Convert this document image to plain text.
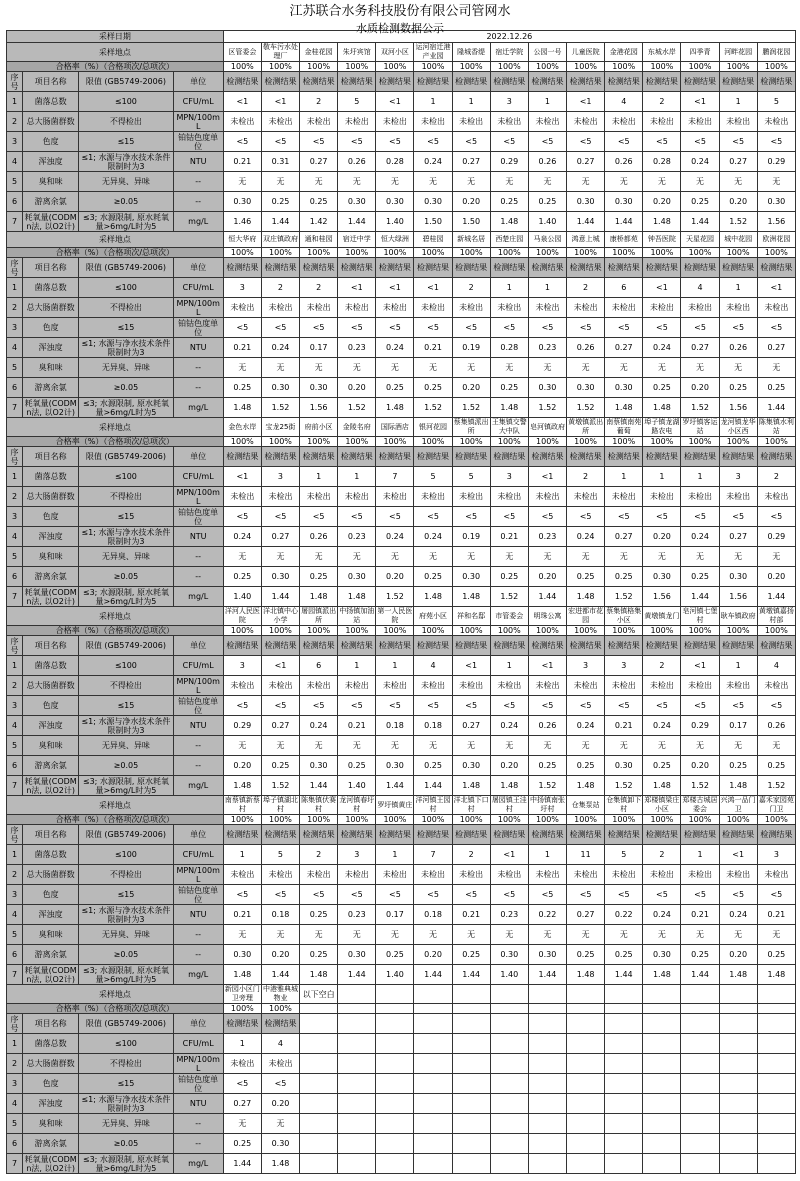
江苏联合水务科技股份有限公司管网水
水质检测数据公示
采样日期				2022.12.26														
采样地点				区管委会	敬车污水处理厂	金桂花园	朱圩宾馆	双河小区	运河宿迁港产业园	隆城香缇	宿迁学院	公园一号	儿童医院	金港花园	东城水岸	四季青	河畔花园	鹏润花园
合格率（%）（合格项次/总项次）				100%	100%	100%	100%	100%	100%	100%	100%	100%	100%	100%	100%	100%	100%	100%
序号	项目名称	限值 (GB5749-2006)	单位	检测结果	检测结果	检测结果	检测结果	检测结果	检测结果	检测结果	检测结果	检测结果	检测结果	检测结果	检测结果	检测结果	检测结果	检测结果
1	菌落总数	≤100	CFU/mL	<1	<1	2	5	<1	1	1	3	1	<1	4	2	<1	1	5
2	总大肠菌群数	不得检出	MPN/100mL	未检出	未检出	未检出	未检出	未检出	未检出	未检出	未检出	未检出	未检出	未检出	未检出	未检出	未检出	未检出
3	色度	≤15	铂钴色度单位	<5	<5	<5	<5	<5	<5	<5	<5	<5	<5	<5	<5	<5	<5	<5
4	浑浊度	≤1; 水源与净水技术条件限制时为3	NTU	0.21	0.31	0.27	0.26	0.28	0.24	0.27	0.29	0.26	0.27	0.26	0.28	0.24	0.27	0.29
5	臭和味	无异臭、异味	--	无	无	无	无	无	无	无	无	无	无	无	无	无	无	无
6	游离余氯	≥0.05	--	0.30	0.25	0.25	0.30	0.30	0.30	0.20	0.25	0.25	0.30	0.30	0.20	0.25	0.20	0.30
7	耗氧量(CODMn法, 以O2计)	≤3; 水源限制, 原水耗氧量>6mg/L时为5	mg/L	1.46	1.44	1.42	1.44	1.40	1.50	1.50	1.48	1.40	1.44	1.44	1.48	1.44	1.52	1.56
采样地点				恒大华府	双庄镇政府	通和桂园	宿迁中学	恒大绿洲	碧桂园	新城名居	西楚庄园	马泉公园	鸿意上城	康桥都苑	钟吾医院	天星花园	城中花园	欧洲花园
合格率（%）（合格项次/总项次）				100%	100%	100%	100%	100%	100%	100%	100%	100%	100%	100%	100%	100%	100%	100%
序号	项目名称	限值 (GB5749-2006)	单位	检测结果	检测结果	检测结果	检测结果	检测结果	检测结果	检测结果	检测结果	检测结果	检测结果	检测结果	检测结果	检测结果	检测结果	检测结果
1	菌落总数	≤100	CFU/mL	3	2	2	<1	<1	<1	2	1	1	2	6	<1	4	1	<1
2	总大肠菌群数	不得检出	MPN/100mL	未检出	未检出	未检出	未检出	未检出	未检出	未检出	未检出	未检出	未检出	未检出	未检出	未检出	未检出	未检出
3	色度	≤15	铂钴色度单位	<5	<5	<5	<5	<5	<5	<5	<5	<5	<5	<5	<5	<5	<5	<5
4	浑浊度	≤1; 水源与净水技术条件限制时为3	NTU	0.21	0.24	0.17	0.23	0.24	0.21	0.19	0.28	0.23	0.26	0.27	0.24	0.27	0.26	0.27
5	臭和味	无异臭、异味	--	无	无	无	无	无	无	无	无	无	无	无	无	无	无	无
6	游离余氯	≥0.05	--	0.25	0.30	0.30	0.20	0.25	0.25	0.20	0.25	0.30	0.30	0.30	0.25	0.20	0.25	0.25
7	耗氧量(CODMn法, 以O2计)	≤3; 水源限制, 原水耗氧量>6mg/L时为5	mg/L	1.48	1.52	1.56	1.52	1.48	1.52	1.52	1.48	1.52	1.52	1.48	1.48	1.52	1.56	1.44
采样地点				金色水岸	宝龙25街	府前小区	金陵名府	国际酒店	银河花园	蔡集镇派出所	王集镇交警大中队	皂河镇政府	黄墩镇派出所	南蔡镇南苑葡萄	埠子镇龙湖路农电	罗圩镇客运站	龙河镇龙华小区西	陈集镇水利站
合格率（%）（合格项次/总项次）				100%	100%	100%	100%	100%	100%	100%	100%	100%	100%	100%	100%	100%	100%	100%
序号	项目名称	限值 (GB5749-2006)	单位	检测结果	检测结果	检测结果	检测结果	检测结果	检测结果	检测结果	检测结果	检测结果	检测结果	检测结果	检测结果	检测结果	检测结果	检测结果
1	菌落总数	≤100	CFU/mL	<1	3	1	1	7	5	5	3	<1	2	1	1	1	3	2
2	总大肠菌群数	不得检出	MPN/100mL	未检出	未检出	未检出	未检出	未检出	未检出	未检出	未检出	未检出	未检出	未检出	未检出	未检出	未检出	未检出
3	色度	≤15	铂钴色度单位	<5	<5	<5	<5	<5	<5	<5	<5	<5	<5	<5	<5	<5	<5	<5
4	浑浊度	≤1; 水源与净水技术条件限制时为3	NTU	0.24	0.27	0.26	0.23	0.24	0.24	0.19	0.21	0.23	0.24	0.27	0.20	0.24	0.27	0.29
5	臭和味	无异臭、异味	--	无	无	无	无	无	无	无	无	无	无	无	无	无	无	无
6	游离余氯	≥0.05	--	0.25	0.30	0.25	0.30	0.20	0.25	0.30	0.25	0.20	0.25	0.25	0.30	0.25	0.30	0.20
7	耗氧量(CODMn法, 以O2计)	≤3; 水源限制, 原水耗氧量>6mg/L时为5	mg/L	1.40	1.44	1.48	1.48	1.52	1.48	1.48	1.52	1.44	1.48	1.52	1.56	1.44	1.56	1.44
采样地点				洋河人民医院	洋北镇中心小学	屠园镇派出所	中扬镇加油站	第一人民医院	府苑小区	祥和名邸	市管委会	明珠公寓	宏进都市花园	蔡集镇格集小区	黄墩镇龙门	皂河镇七堡村	耿车镇政府	黄墩镇嘉扬村部
合格率（%）（合格项次/总项次）				100%	100%	100%	100%	100%	100%	100%	100%	100%	100%	100%	100%	100%	100%	100%
序号	项目名称	限值 (GB5749-2006)	单位	检测结果	检测结果	检测结果	检测结果	检测结果	检测结果	检测结果	检测结果	检测结果	检测结果	检测结果	检测结果	检测结果	检测结果	检测结果
1	菌落总数	≤100	CFU/mL	3	<1	6	1	1	4	<1	1	<1	3	3	2	<1	1	4
2	总大肠菌群数	不得检出	MPN/100mL	未检出	未检出	未检出	未检出	未检出	未检出	未检出	未检出	未检出	未检出	未检出	未检出	未检出	未检出	未检出
3	色度	≤15	铂钴色度单位	<5	<5	<5	<5	<5	<5	<5	<5	<5	<5	<5	<5	<5	<5	<5
4	浑浊度	≤1; 水源与净水技术条件限制时为3	NTU	0.29	0.27	0.24	0.21	0.18	0.18	0.27	0.24	0.26	0.24	0.21	0.24	0.29	0.17	0.26
5	臭和味	无异臭、异味	--	无	无	无	无	无	无	无	无	无	无	无	无	无	无	无
6	游离余氯	≥0.05	--	0.20	0.25	0.30	0.25	0.30	0.25	0.30	0.20	0.25	0.25	0.30	0.25	0.20	0.25	0.25
7	耗氧量(CODMn法, 以O2计)	≤3; 水源限制, 原水耗氧量>6mg/L时为5	mg/L	1.48	1.52	1.44	1.40	1.44	1.44	1.48	1.48	1.52	1.48	1.52	1.48	1.52	1.48	1.52
采样地点				南蔡镇新蔡村	埠子镇湖北村	陈集镇伏赛村	龙河镇春圩村	罗圩镇黄庄	洋河镇王园村	洋北镇下口村	屠园镇王洼村	中扬镇南张圩村	仓集泵站	仓集镇卸下村	郑楼镇梁庄小区	郑楼古城居委会	兴鸿一品门卫	嘉禾家园苑门卫
合格率（%）（合格项次/总项次）				100%	100%	100%	100%	100%	100%	100%	100%	100%	100%	100%	100%	100%	100%	100%
序号	项目名称	限值 (GB5749-2006)	单位	检测结果	检测结果	检测结果	检测结果	检测结果	检测结果	检测结果	检测结果	检测结果	检测结果	检测结果	检测结果	检测结果	检测结果	检测结果
1	菌落总数	≤100	CFU/mL	1	5	2	3	1	7	2	<1	1	11	5	2	1	<1	3
2	总大肠菌群数	不得检出	MPN/100mL	未检出	未检出	未检出	未检出	未检出	未检出	未检出	未检出	未检出	未检出	未检出	未检出	未检出	未检出	未检出
3	色度	≤15	铂钴色度单位	<5	<5	<5	<5	<5	<5	<5	<5	<5	<5	<5	<5	<5	<5	<5
4	浑浊度	≤1; 水源与净水技术条件限制时为3	NTU	0.21	0.18	0.25	0.23	0.17	0.18	0.21	0.23	0.22	0.27	0.22	0.24	0.21	0.24	0.21
5	臭和味	无异臭、异味	--	无	无	无	无	无	无	无	无	无	无	无	无	无	无	无
6	游离余氯	≥0.05	--	0.30	0.20	0.25	0.30	0.25	0.20	0.25	0.30	0.30	0.25	0.25	0.30	0.25	0.20	0.25
7	耗氧量(CODMn法, 以O2计)	≤3; 水源限制, 原水耗氧量>6mg/L时为5	mg/L	1.48	1.44	1.48	1.44	1.40	1.44	1.44	1.40	1.44	1.48	1.44	1.48	1.44	1.48	1.48
采样地点				新园小区门卫旁理	中港雅典城物业	以下空白												
合格率（%）（合格项次/总项次）				100%	100%													
序号	项目名称	限值 (GB5749-2006)	单位	检测结果	检测结果													
1	菌落总数	≤100	CFU/mL	1	4													
2	总大肠菌群数	不得检出	MPN/100mL	未检出	未检出													
3	色度	≤15	铂钴色度单位	<5	<5													
4	浑浊度	≤1; 水源与净水技术条件限制时为3	NTU	0.27	0.20													
5	臭和味	无异臭、异味	--	无	无													
6	游离余氯	≥0.05	--	0.25	0.30													
7	耗氧量(CODMn法, 以O2计)	≤3; 水源限制, 原水耗氧量>6mg/L时为5	mg/L	1.44	1.48													
